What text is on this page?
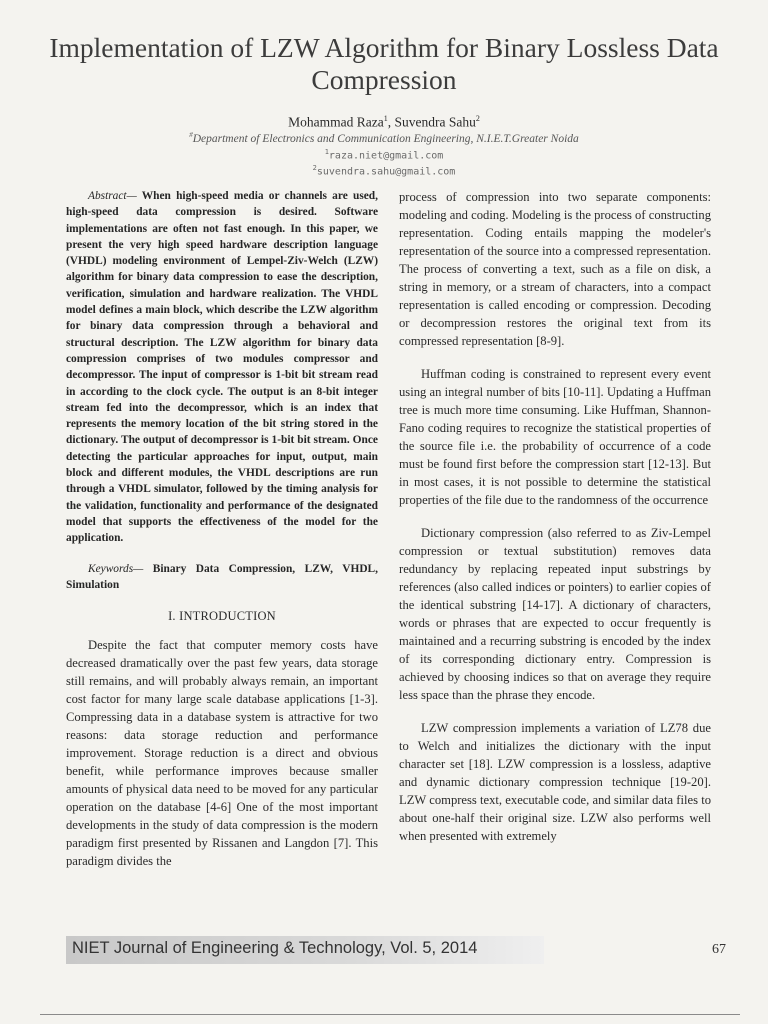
Implementation of LZW Algorithm for Binary Lossless Data Compression
Mohammad Raza$^1$, Suvendra Sahu$^2$
#Department of Electronics and Communication Engineering, N.I.E.T.Greater Noida
$^1$raza.niet@gmail.com
$^2$suvendra.sahu@gmail.com

Abstract— When high-speed media or channels are used, high-speed data compression is desired. Software implementations are often not fast enough. In this paper, we present the very high speed hardware description language (VHDL) modeling environment of Lempel-Ziv-Welch (LZW) algorithm for binary data compression to ease the description, verification, simulation and hardware realization. The VHDL model defines a main block, which describe the LZW algorithm for binary data compression through a behavioral and structural description. The LZW algorithm for binary data compression comprises of two modules compressor and decompressor. The input of compressor is 1-bit bit stream read in according to the clock cycle. The output is an 8-bit integer stream fed into the decompressor, which is an index that represents the memory location of the bit string stored in the dictionary. The output of decompressor is 1-bit bit stream. Once detecting the particular approaches for input, output, main block and different modules, the VHDL descriptions are run through a VHDL simulator, followed by the timing analysis for the validation, functionality and performance of the designated model that supports the effectiveness of the model for the application.

Keywords— Binary Data Compression, LZW, VHDL, Simulation

I. INTRODUCTION

Despite the fact that computer memory costs have decreased dramatically over the past few years, data storage still remains, and will probably always remain, an important cost factor for many large scale database applications [1-3]. Compressing data in a database system is attractive for two reasons: data storage reduction and performance improvement. Storage reduction is a direct and obvious benefit, while performance improves because smaller amounts of physical data need to be moved for any particular operation on the database [4-6] One of the most important developments in the study of data compression is the modern paradigm first presented by Rissanen and Langdon [7]. This paradigm divides the

process of compression into two separate components: modeling and coding. Modeling is the process of constructing representation. Coding entails mapping the modeler's representation of the source into a compressed representation. The process of converting a text, such as a file on disk, a string in memory, or a stream of characters, into a compact representation is called encoding or compression. Decoding or decompression restores the original text from its compressed representation [8-9].

Huffman coding is constrained to represent every event using an integral number of bits [10-11]. Updating a Huffman tree is much more time consuming. Like Huffman, Shannon-Fano coding requires to recognize the statistical properties of the source file i.e. the probability of occurrence of a code must be found first before the compression start [12-13]. But in most cases, it is not possible to determine the statistical properties of the file due to the randomness of the occurrence

Dictionary compression (also referred to as Ziv-Lempel compression or textual substitution) removes data redundancy by replacing repeated input substrings by references (also called indices or pointers) to earlier copies of the identical substring [14-17]. A dictionary of characters, words or phrases that are expected to occur frequently is maintained and a recurring substring is encoded by the index of its corresponding dictionary entry. Compression is achieved by choosing indices so that on average they require less space than the phrase they encode.

LZW compression implements a variation of LZ78 due to Welch and initializes the dictionary with the input character set [18]. LZW compression is a lossless, adaptive and dynamic dictionary compression technique [19-20]. LZW compress text, executable code, and similar data files to about one-half their original size. LZW also performs well when presented with extremely

NIET Journal of Engineering & Technology, Vol. 5, 2014	67
